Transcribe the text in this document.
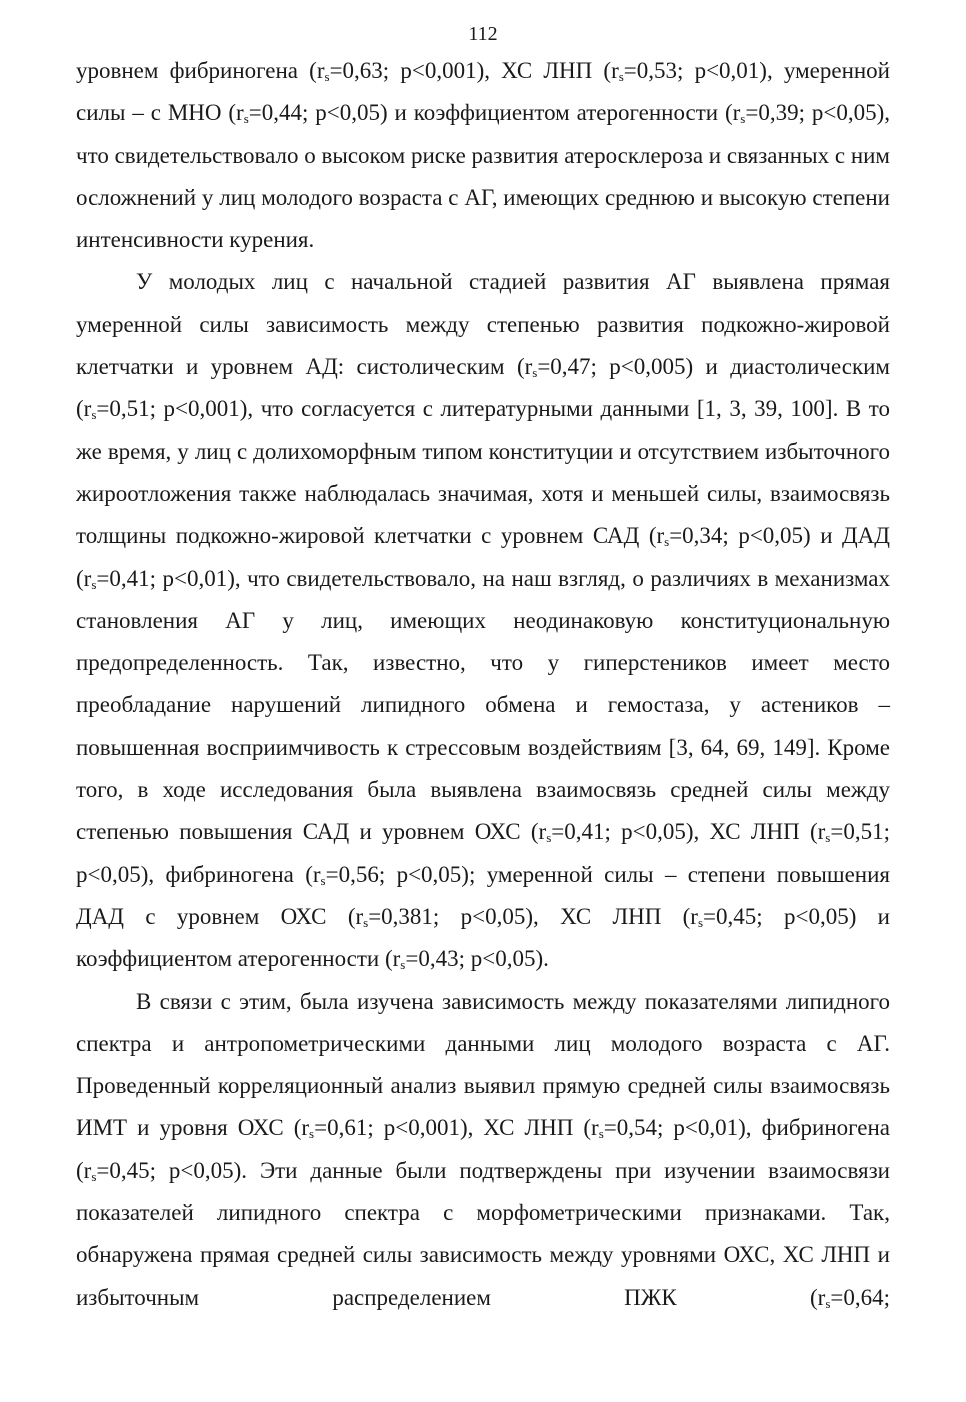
112

уровнем фибриногена ($r_s=0,63$; p<0,001), ХС ЛНП ($r_s=0,53$; p<0,01), умеренной силы – с МНО ($r_s=0,44$; p<0,05) и коэффициентом атерогенности ($r_s=0,39$; p<0,05), что свидетельствовало о высоком риске развития атеросклероза и связанных с ним осложнений у лиц молодого возраста с АГ, имеющих среднюю и высокую степени интенсивности курения.

У молодых лиц с начальной стадией развития АГ выявлена прямая умеренной силы зависимость между степенью развития подкожно-жировой клетчатки и уровнем АД: систолическим ($r_s=0,47$; p<0,005) и диастолическим ($r_s=0,51$; p<0,001), что согласуется с литературными данными [1, 3, 39, 100]. В то же время, у лиц с долихоморфным типом конституции и отсутствием избыточного жироотложения также наблюдалась значимая, хотя и меньшей силы, взаимосвязь толщины подкожно-жировой клетчатки с уровнем САД ($r_s=0,34$; p<0,05) и ДАД ($r_s=0,41$; p<0,01), что свидетельствовало, на наш взгляд, о различиях в механизмах становления АГ у лиц, имеющих неодинаковую конституциональную предопределенность. Так, известно, что у гиперстеников имеет место преобладание нарушений липидного обмена и гемостаза, у астеников – повышенная восприимчивость к стрессовым воздействиям [3, 64, 69, 149]. Кроме того, в ходе исследования была выявлена взаимосвязь средней силы между степенью повышения САД и уровнем ОХС ($r_s=0,41$; p<0,05), ХС ЛНП ($r_s=0,51$; p<0,05), фибриногена ($r_s=0,56$; p<0,05); умеренной силы – степени повышения ДАД с уровнем ОХС ($r_s=0,381$; p<0,05), ХС ЛНП ($r_s=0,45$; p<0,05) и коэффициентом атерогенности ($r_s=0,43$; p<0,05).

В связи с этим, была изучена зависимость между показателями липидного спектра и антропометрическими данными лиц молодого возраста с АГ. Проведенный корреляционный анализ выявил прямую средней силы взаимосвязь ИМТ и уровня ОХС ($r_s=0,61$; p<0,001), ХС ЛНП ($r_s=0,54$; p<0,01), фибриногена ($r_s=0,45$; p<0,05). Эти данные были подтверждены при изучении взаимосвязи показателей липидного спектра с морфометрическими признаками. Так, обнаружена прямая средней силы зависимость между уровнями ОХС, ХС ЛНП и избыточным распределением ПЖК ($r_s=0,64$;
